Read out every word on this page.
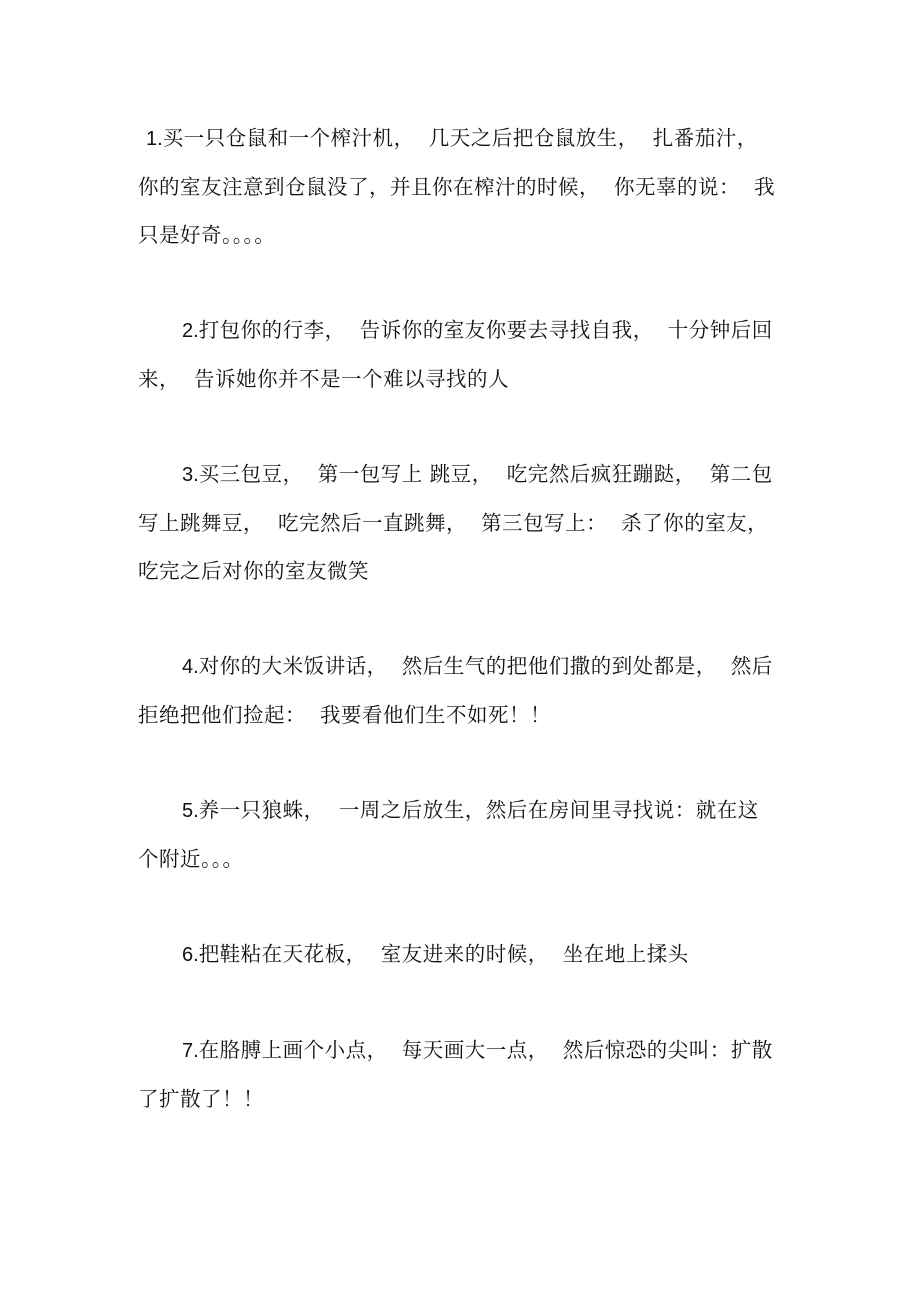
1.买一只仓鼠和一个榨汁机，  几天之后把仓鼠放生，  扎番茄汁，
你的室友注意到仓鼠没了，并且你在榨汁的时候，  你无辜的说：  我
只是好奇。。。。
2.打包你的行李，  告诉你的室友你要去寻找自我，  十分钟后回
来，  告诉她你并不是一个难以寻找的人
3.买三包豆，  第一包写上 跳豆，  吃完然后疯狂蹦跶，  第二包
写上跳舞豆，  吃完然后一直跳舞，  第三包写上：  杀了你的室友，
吃完之后对你的室友微笑
4.对你的大米饭讲话，  然后生气的把他们撒的到处都是，  然后
拒绝把他们捡起：  我要看他们生不如死！！
5.养一只狼蛛，  一周之后放生，然后在房间里寻找说：就在这
个附近。。。
6.把鞋粘在天花板，  室友进来的时候，  坐在地上揉头
7.在胳膊上画个小点，  每天画大一点，  然后惊恐的尖叫：扩散
了扩散了！！
